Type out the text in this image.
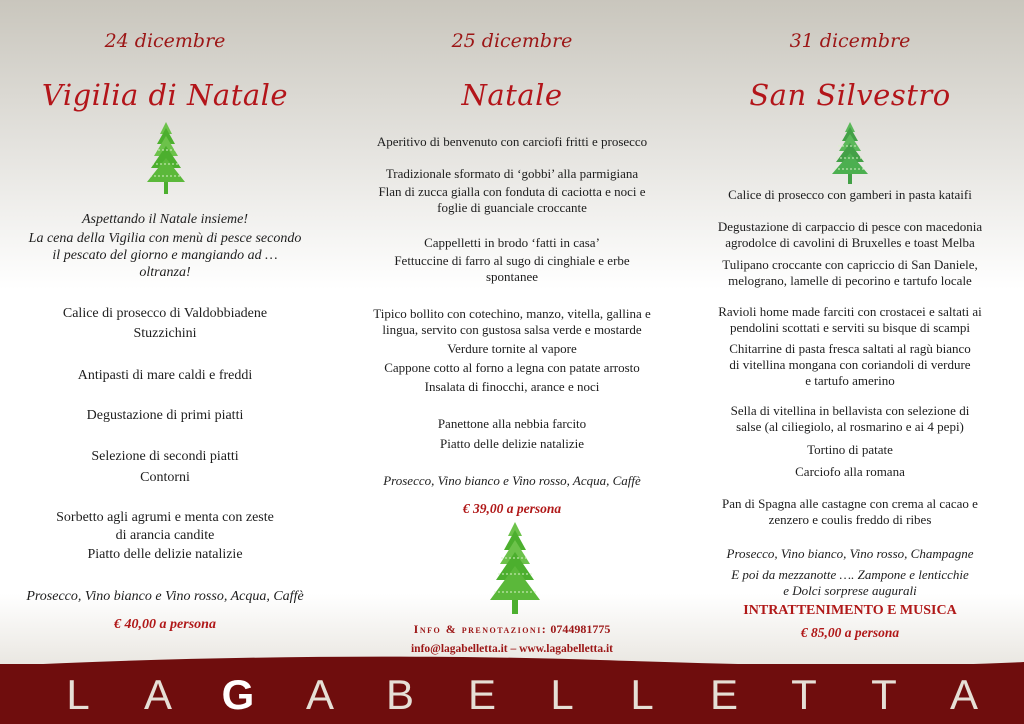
24 dicembre
Vigilia di Natale
Aspettando il Natale insieme!
La cena della Vigilia con menù di pesce secondo
il pescato del giorno e mangiando ad …
oltranza!
Calice di prosecco di Valdobbiadene
Stuzzichini
Antipasti di mare caldi e freddi
Degustazione di primi piatti
Selezione di secondi piatti
Contorni
Sorbetto agli agrumi e menta con zeste
di arancia candite
Piatto delle delizie natalizie
Prosecco, Vino bianco e Vino rosso, Acqua, Caffè
€ 40,00 a persona
25 dicembre
Natale
Aperitivo di benvenuto con carciofi fritti e prosecco
Tradizionale sformato di ‘gobbi’ alla parmigiana
Flan di zucca gialla con fonduta di caciotta e noci e
foglie di guanciale croccante
Cappelletti in brodo ‘fatti in casa’
Fettuccine di farro al sugo di cinghiale e erbe
spontanee
Tipico bollito con cotechino, manzo, vitella, gallina e
lingua, servito con gustosa salsa verde e mostarde
Verdure tornite al vapore
Cappone cotto al forno a legna con patate arrosto
Insalata di finocchi, arance e noci
Panettone alla nebbia farcito
Piatto delle delizie natalizie
Prosecco, Vino bianco e Vino rosso, Acqua, Caffè
€ 39,00 a persona
Info & prenotazioni: 0744981775
info@lagabelletta.it – www.lagabelletta.it
31 dicembre
San Silvestro
Calice di prosecco con gamberi in pasta kataifi
Degustazione di carpaccio di pesce con macedonia
agrodolce di cavolini di Bruxelles e toast Melba
Tulipano croccante con capriccio di San Daniele,
melograno, lamelle di pecorino e tartufo locale
Ravioli home made farciti con crostacei e saltati ai
pendolini scottati e serviti su bisque di scampi
Chitarrine di pasta fresca saltati al ragù bianco
di vitellina mongana con coriandoli di verdure
e tartufo amerino
Sella di vitellina in bellavista con selezione di
salse (al ciliegiolo, al rosmarino e ai 4 pepi)
Tortino di patate
Carciofo alla romana
Pan di Spagna alle castagne con crema al cacao e
zenzero e coulis freddo di ribes
Prosecco, Vino bianco, Vino rosso, Champagne
E poi da mezzanotte …. Zampone e lenticchie
e Dolci sorprese augurali
INTRATTENIMENTO E MUSICA
€ 85,00 a persona
L	A	G	A	B	E	L	L	E	T	T	A
